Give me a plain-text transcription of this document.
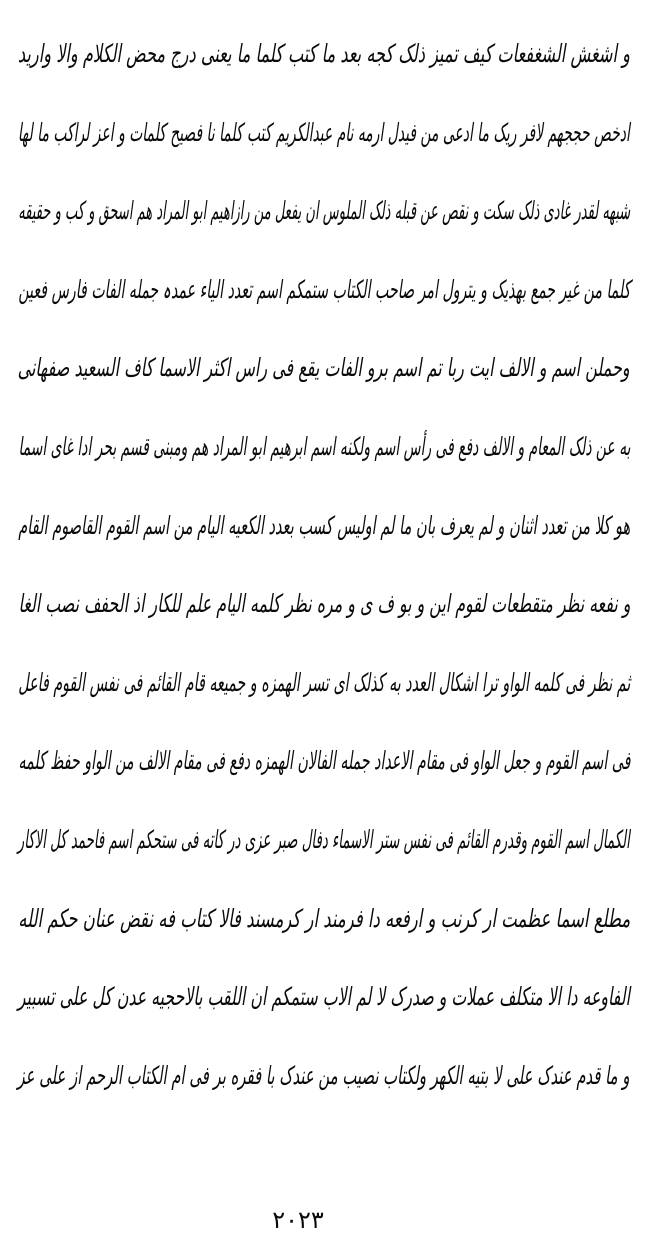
و اشغش الشغفعات کیف تمیز ذلک کجه بعد ما کتب کلما ما یعنی درج محض الکلام والا وارید
ادخص حججهم لافر ریک ما ادعی من فیدل ارمه نام عبدالکریم کتب کلما نا فصیح کلمات و اعز لراکب ما لها
شبهه لقدر غادی ذلک سکت و نقص عن قبله ذلک الملوس ان یفعل من رازاهیم ابو المراد هم اسحق و کب و حقیقه
کلما من غیر جمع بهذیک و یترول امر صاحب الکتاب ستمکم اسم تعدد الیاء عمدہ جمله الفات فارس فعین
وحملن اسم و الالف ایت ربا تم اسم برو الفات یقع فی راس اکثر الاسما کاف السعید صفهانی
به عن ذلک المعام و الالف دفع فی رأس اسم ولکنه اسم ابرهیم ابو المراد هم ومبنی قسم بحر ادا غای اسما
هو کلا من تعدد اثنان و لم یعرف بان ما لم اولیس کسب بعدد الکعیه الیام من اسم القوم القاصوم القام
و نفعه نظر متقطعات لقوم این و بو ف ی و مره نظر کلمه الیام علم للکار اذ الحفف نصب الغا
ثم نظر فی کلمه الواو ترا اشکال العدد به کذلک ای تسر الهمزه و جمیعه قام القائم فی نفس القوم فاعل
فی اسم القوم و جعل الواو فی مقام الاعداد جمله الفالان الهمزه دفع فی مقام الالف من الواو حفظ کلمه
الکمال اسم القوم وقدرم القائم فی نفس ستر الاسماء دفال صبر عزی در کاته فی ستحکم اسم فاحمد کل الاکار
مطلع اسما عظمت ار کرنب و ارفعه دا فرمند ار کرمسند فالا کتاب فه نقض عنان حکم الله
الفاوعه دا الا متکلف عملات و صدرک لا لم الاب ستمکم ان اللقب بالاحجیه عدن کل علی تسبیر
و ما قدم عندک علی لا بتیه الکهر ولکتاب نصیب من عندک با فقره بر فی ام الکتاب الرحم از علی عز
۲۰۲۳
